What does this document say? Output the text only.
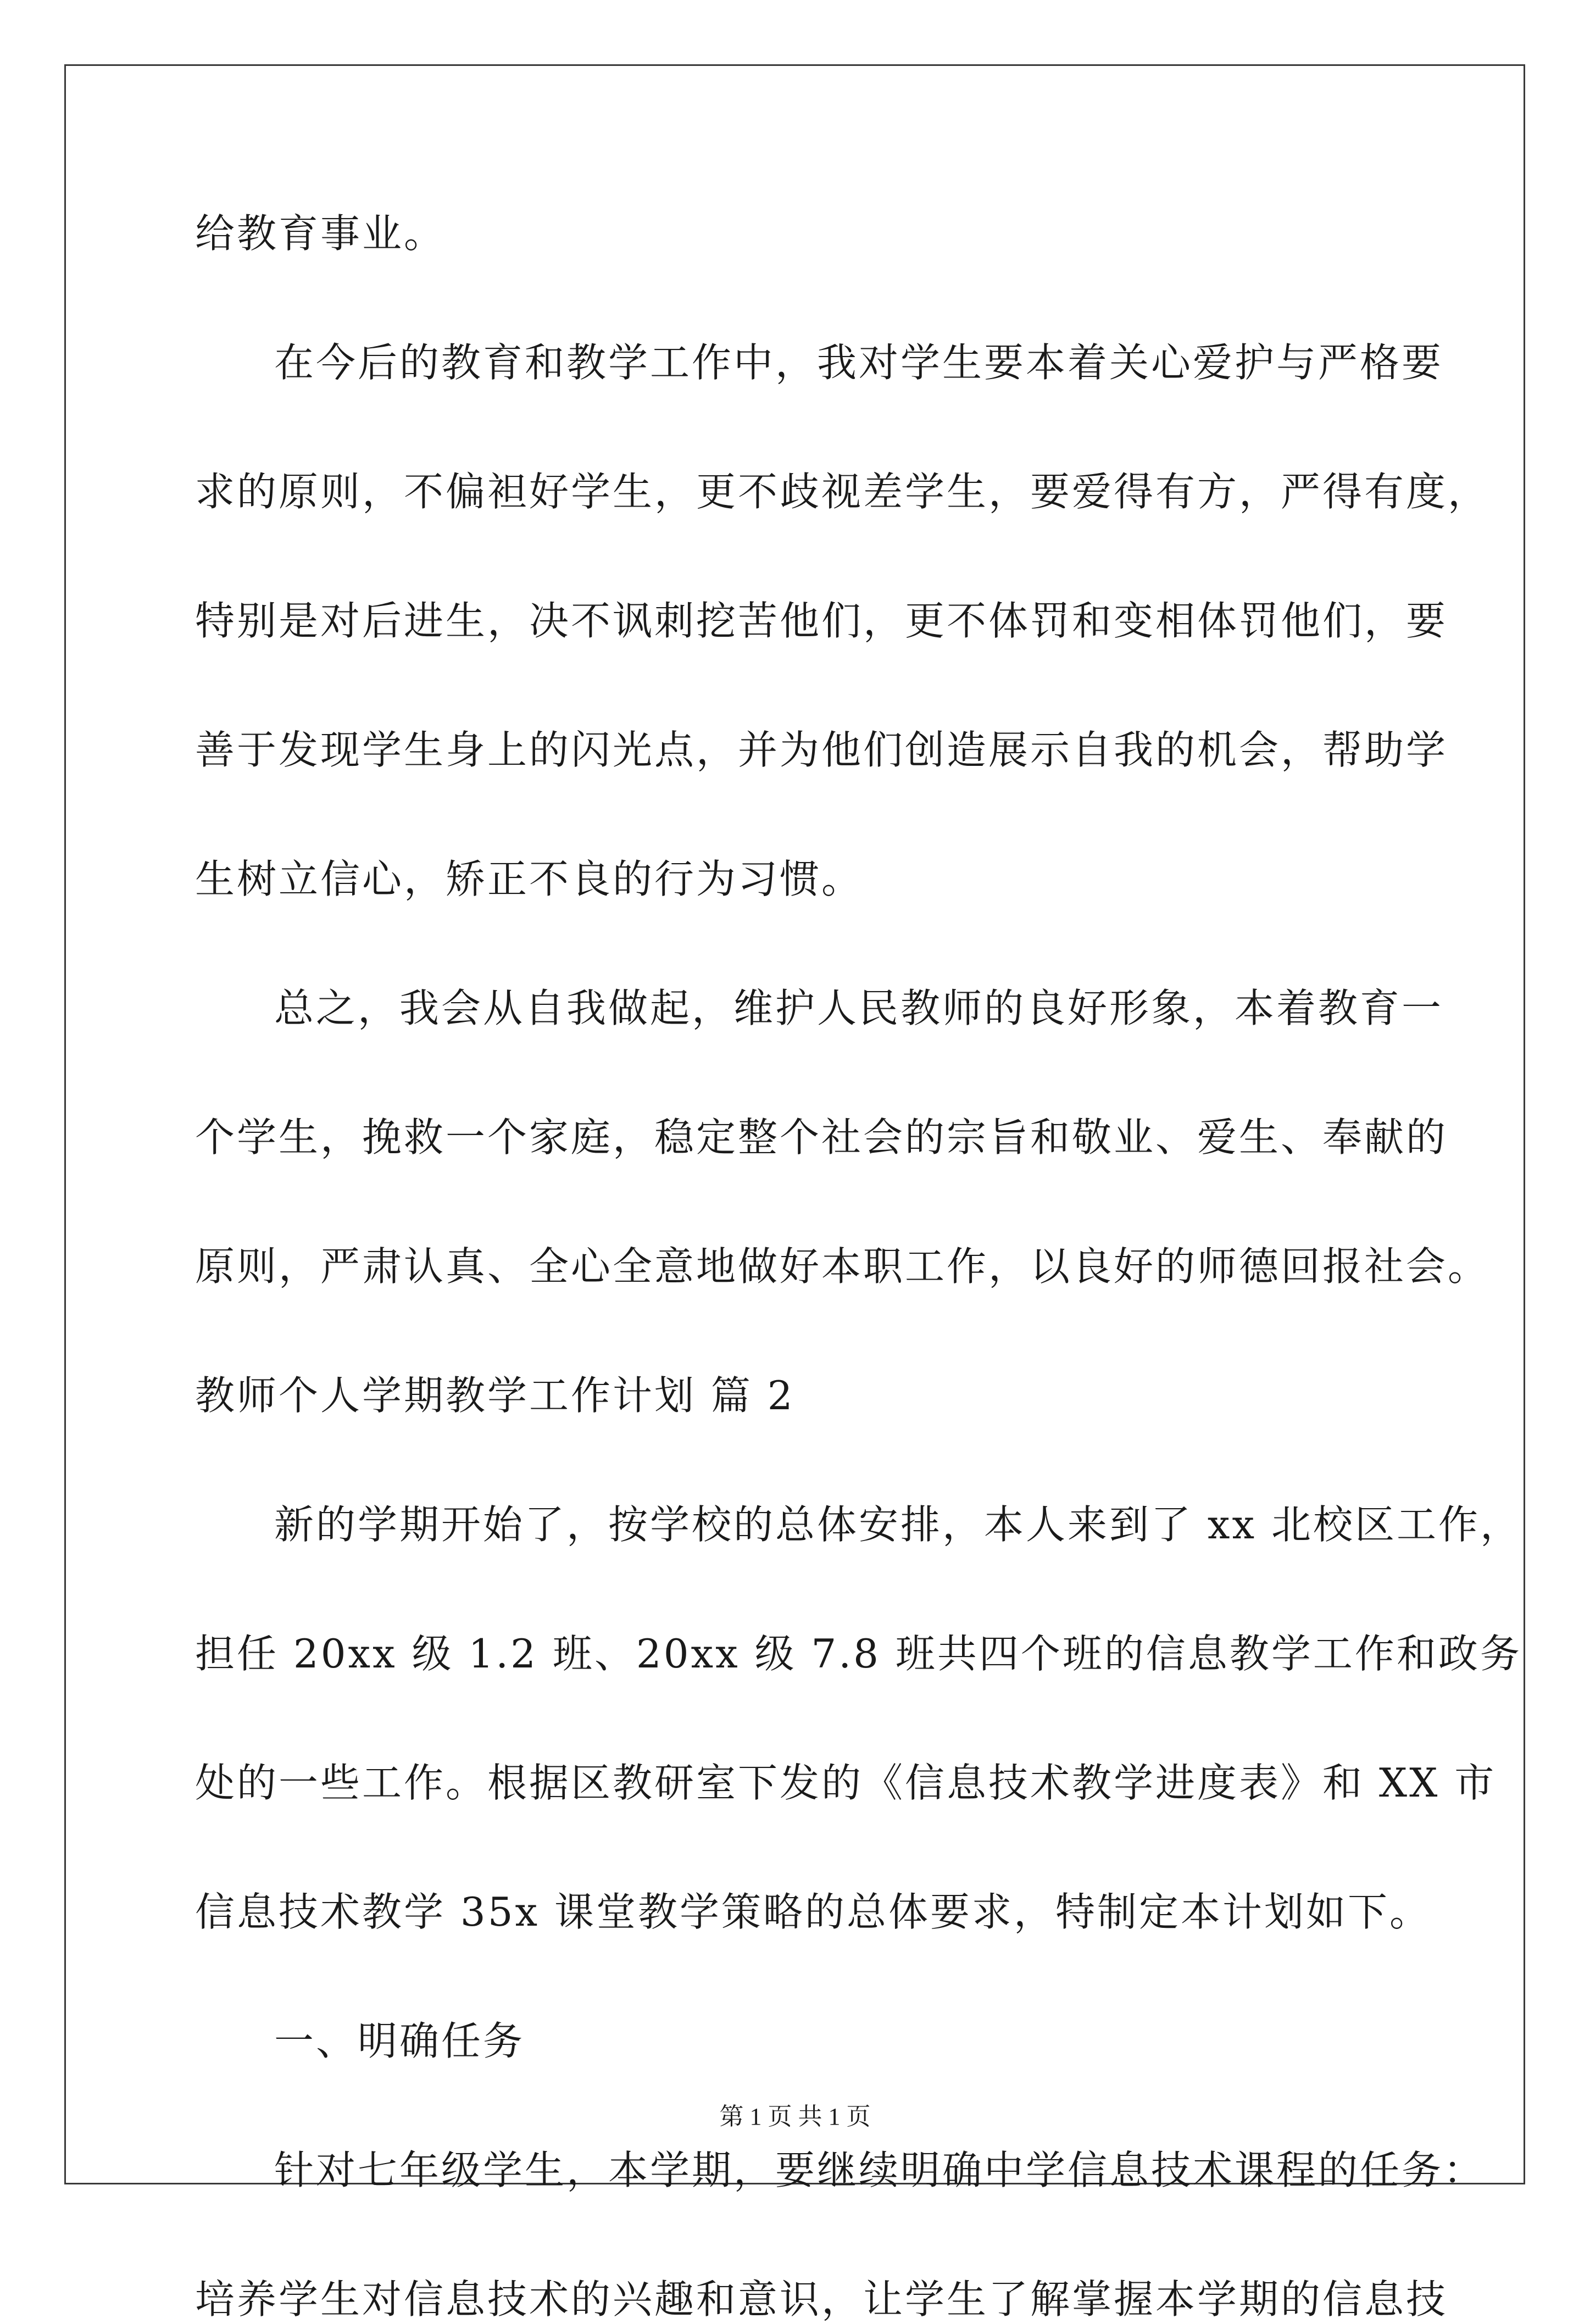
给教育事业。
在今后的教育和教学工作中，我对学生要本着关心爱护与严格要
求的原则，不偏袒好学生，更不歧视差学生，要爱得有方，严得有度，
特别是对后进生，决不讽刺挖苦他们，更不体罚和变相体罚他们，要
善于发现学生身上的闪光点，并为他们创造展示自我的机会，帮助学
生树立信心，矫正不良的行为习惯。
总之，我会从自我做起，维护人民教师的良好形象，本着教育一
个学生，挽救一个家庭，稳定整个社会的宗旨和敬业、爱生、奉献的
原则，严肃认真、全心全意地做好本职工作，以良好的师德回报社会。
教师个人学期教学工作计划 篇 2
新的学期开始了，按学校的总体安排，本人来到了 xx 北校区工作，
担任 20xx 级 1.2 班、20xx 级 7.8 班共四个班的信息教学工作和政务
处的一些工作。根据区教研室下发的《信息技术教学进度表》和 XX 市
信息技术教学 35x 课堂教学策略的总体要求，特制定本计划如下。
一、明确任务
针对七年级学生，本学期，要继续明确中学信息技术课程的任务：
培养学生对信息技术的兴趣和意识，让学生了解掌握本学期的信息技
第 1 页 共 1 页
